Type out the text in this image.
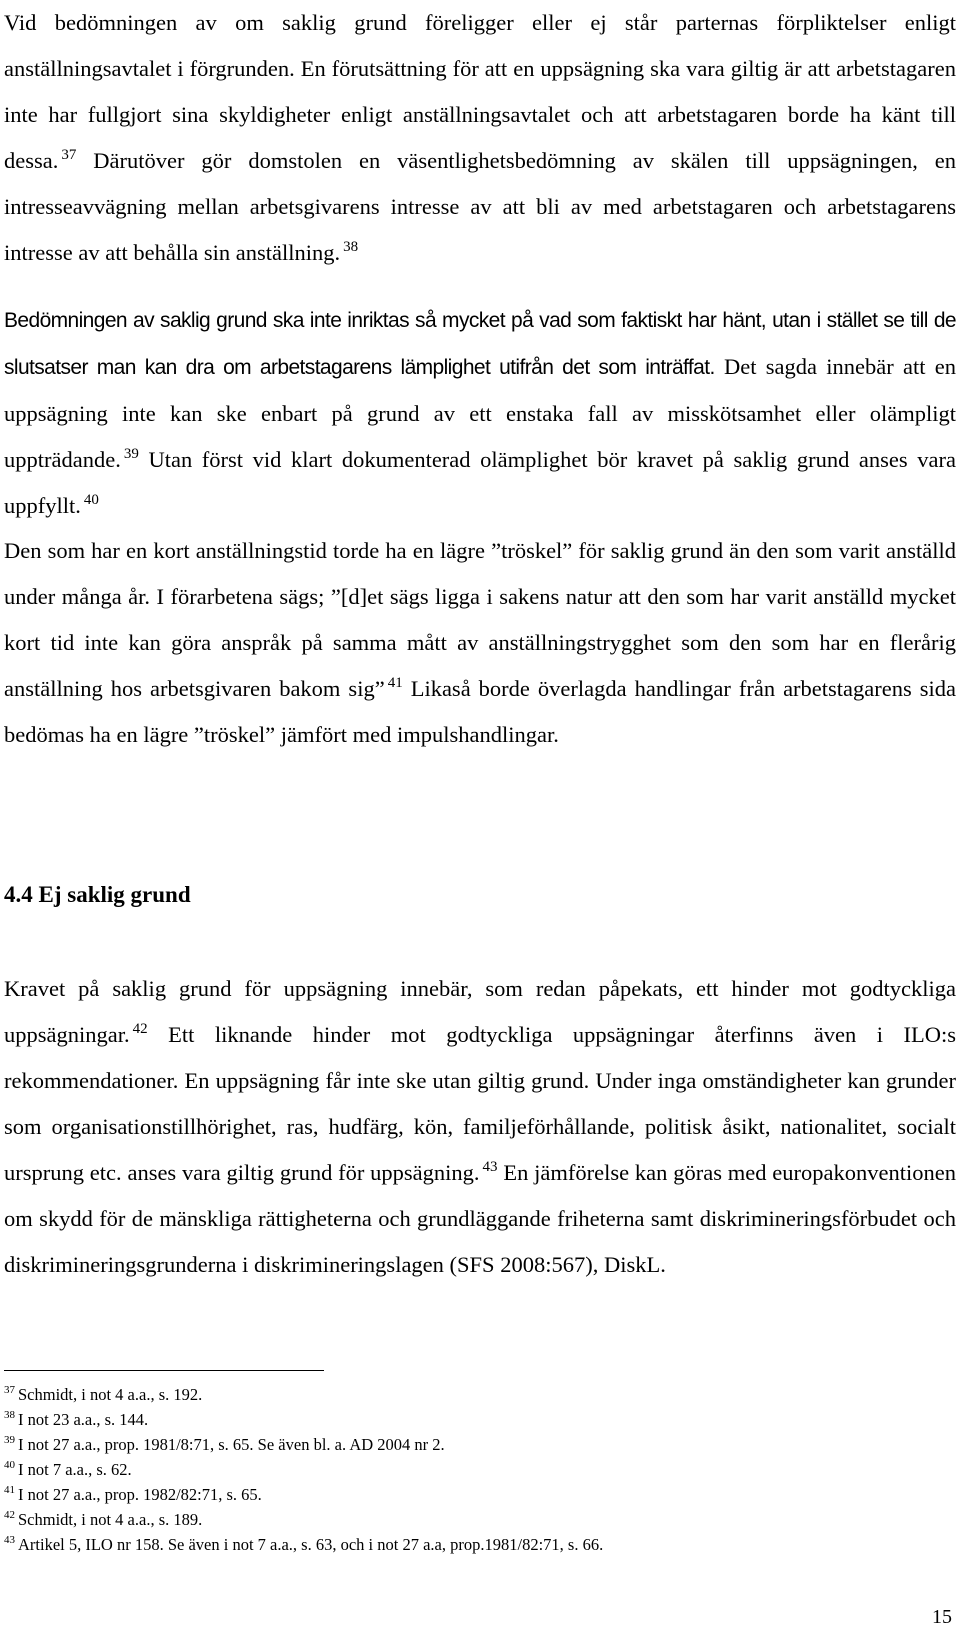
Vid bedömningen av om saklig grund föreligger eller ej står parternas förpliktelser enligt anställningsavtalet i förgrunden. En förutsättning för att en uppsägning ska vara giltig är att arbetstagaren inte har fullgjort sina skyldigheter enligt anställningsavtalet och att arbetstagaren borde ha känt till dessa. $^{37}$ Därutöver gör domstolen en väsentlighetsbedömning av skälen till uppsägningen, en intresseavvägning mellan arbetsgivarens intresse av att bli av med arbetstagaren och arbetstagarens intresse av att behålla sin anställning. $^{38}$

Bedömningen av saklig grund ska inte inriktas så mycket på vad som faktiskt har hänt, utan i stället se till de slutsatser man kan dra om arbetstagarens lämplighet utifrån det som inträffat. Det sagda innebär att en uppsägning inte kan ske enbart på grund av ett enstaka fall av misskötsamhet eller olämpligt uppträdande. $^{39}$ Utan först vid klart dokumenterad olämplighet bör kravet på saklig grund anses vara uppfyllt. $^{40}$

Den som har en kort anställningstid torde ha en lägre ”tröskel” för saklig grund än den som varit anställd under många år. I förarbetena sägs; ”[d]et sägs ligga i sakens natur att den som har varit anställd mycket kort tid inte kan göra anspråk på samma mått av anställningstrygghet som den som har en flerårig anställning hos arbetsgivaren bakom sig” $^{41}$ Likaså borde överlagda handlingar från arbetstagarens sida bedömas ha en lägre ”tröskel” jämfört med impulshandlingar.

4.4 Ej saklig grund

Kravet på saklig grund för uppsägning innebär, som redan påpekats, ett hinder mot godtyckliga uppsägningar. $^{42}$ Ett liknande hinder mot godtyckliga uppsägningar återfinns även i ILO:s rekommendationer. En uppsägning får inte ske utan giltig grund. Under inga omständigheter kan grunder som organisationstillhörighet, ras, hudfärg, kön, familjeförhållande, politisk åsikt, nationalitet, socialt ursprung etc. anses vara giltig grund för uppsägning. $^{43}$ En jämförelse kan göras med europakonventionen om skydd för de mänskliga rättigheterna och grundläggande friheterna samt diskrimineringsförbudet och diskrimineringsgrunderna i diskrimineringslagen (SFS 2008:567), DiskL.

$^{37}$ Schmidt, i not 4 a.a., s. 192.
$^{38}$ I not 23 a.a., s. 144.
$^{39}$ I not 27 a.a., prop. 1981/8:71, s. 65. Se även bl. a. AD 2004 nr 2.
$^{40}$ I not 7 a.a., s. 62.
$^{41}$ I not 27 a.a., prop. 1982/82:71, s. 65.
$^{42}$ Schmidt, i not 4 a.a., s. 189.
$^{43}$ Artikel 5, ILO nr 158. Se även i not 7 a.a., s. 63, och i not 27 a.a, prop.1981/82:71, s. 66.
15
